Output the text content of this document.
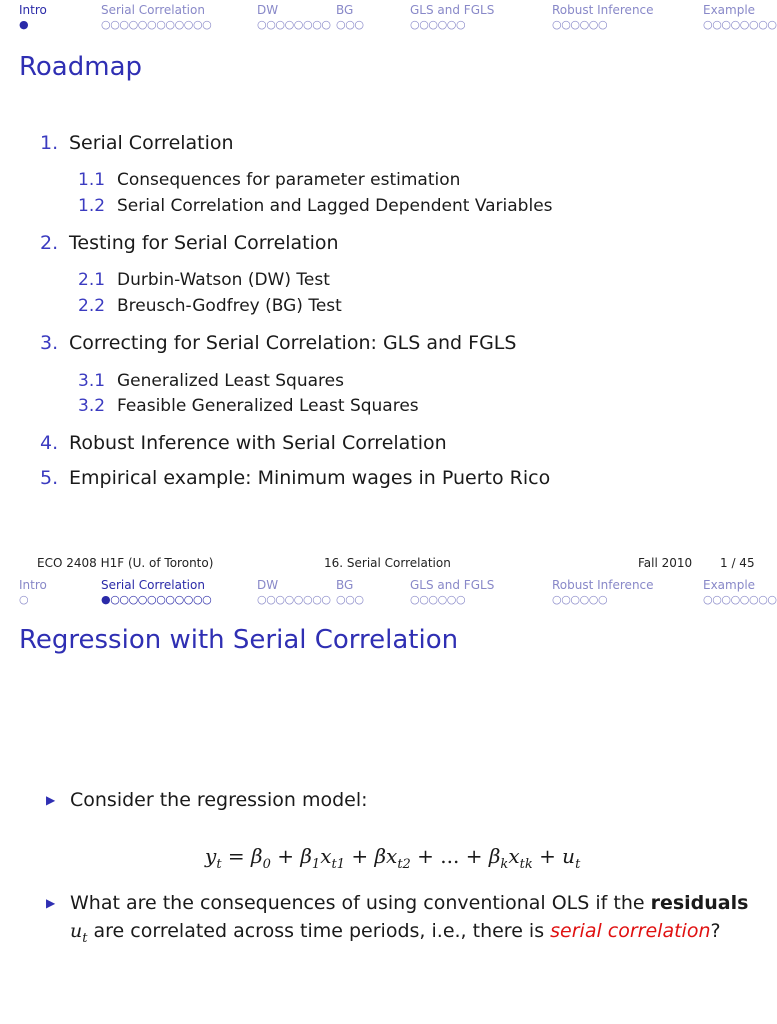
Intro
●
Serial Correlation
○○○○○○○○○○○○
DW
○○○○○○○○
BG
○○○
GLS and FGLS
○○○○○○
Robust Inference
○○○○○○
Example
○○○○○○○○
Roadmap
1. Serial Correlation
1.1 Consequences for parameter estimation
1.2 Serial Correlation and Lagged Dependent Variables
2. Testing for Serial Correlation
2.1 Durbin-Watson (DW) Test
2.2 Breusch-Godfrey (BG) Test
3. Correcting for Serial Correlation: GLS and FGLS
3.1 Generalized Least Squares
3.2 Feasible Generalized Least Squares
4. Robust Inference with Serial Correlation
5. Empirical example: Minimum wages in Puerto Rico
ECO 2408 H1F (U. of Toronto)	16. Serial Correlation	Fall 2010 1 / 45
Intro
○
Serial Correlation
●○○○○○○○○○○○
DW
○○○○○○○○
BG
○○○
GLS and FGLS
○○○○○○
Robust Inference
○○○○○○
Example
○○○○○○○○
Regression with Serial Correlation
▶ Consider the regression model:
$y_t = \beta_0 + \beta_1x_{t1} + \beta x_{t2}$ + ... + $\beta_kx_{tk} + u_t$
▶ What are the consequences of using conventional OLS if the residuals
$u_t$ are correlated across time periods, i.e., there is serial correlation?
